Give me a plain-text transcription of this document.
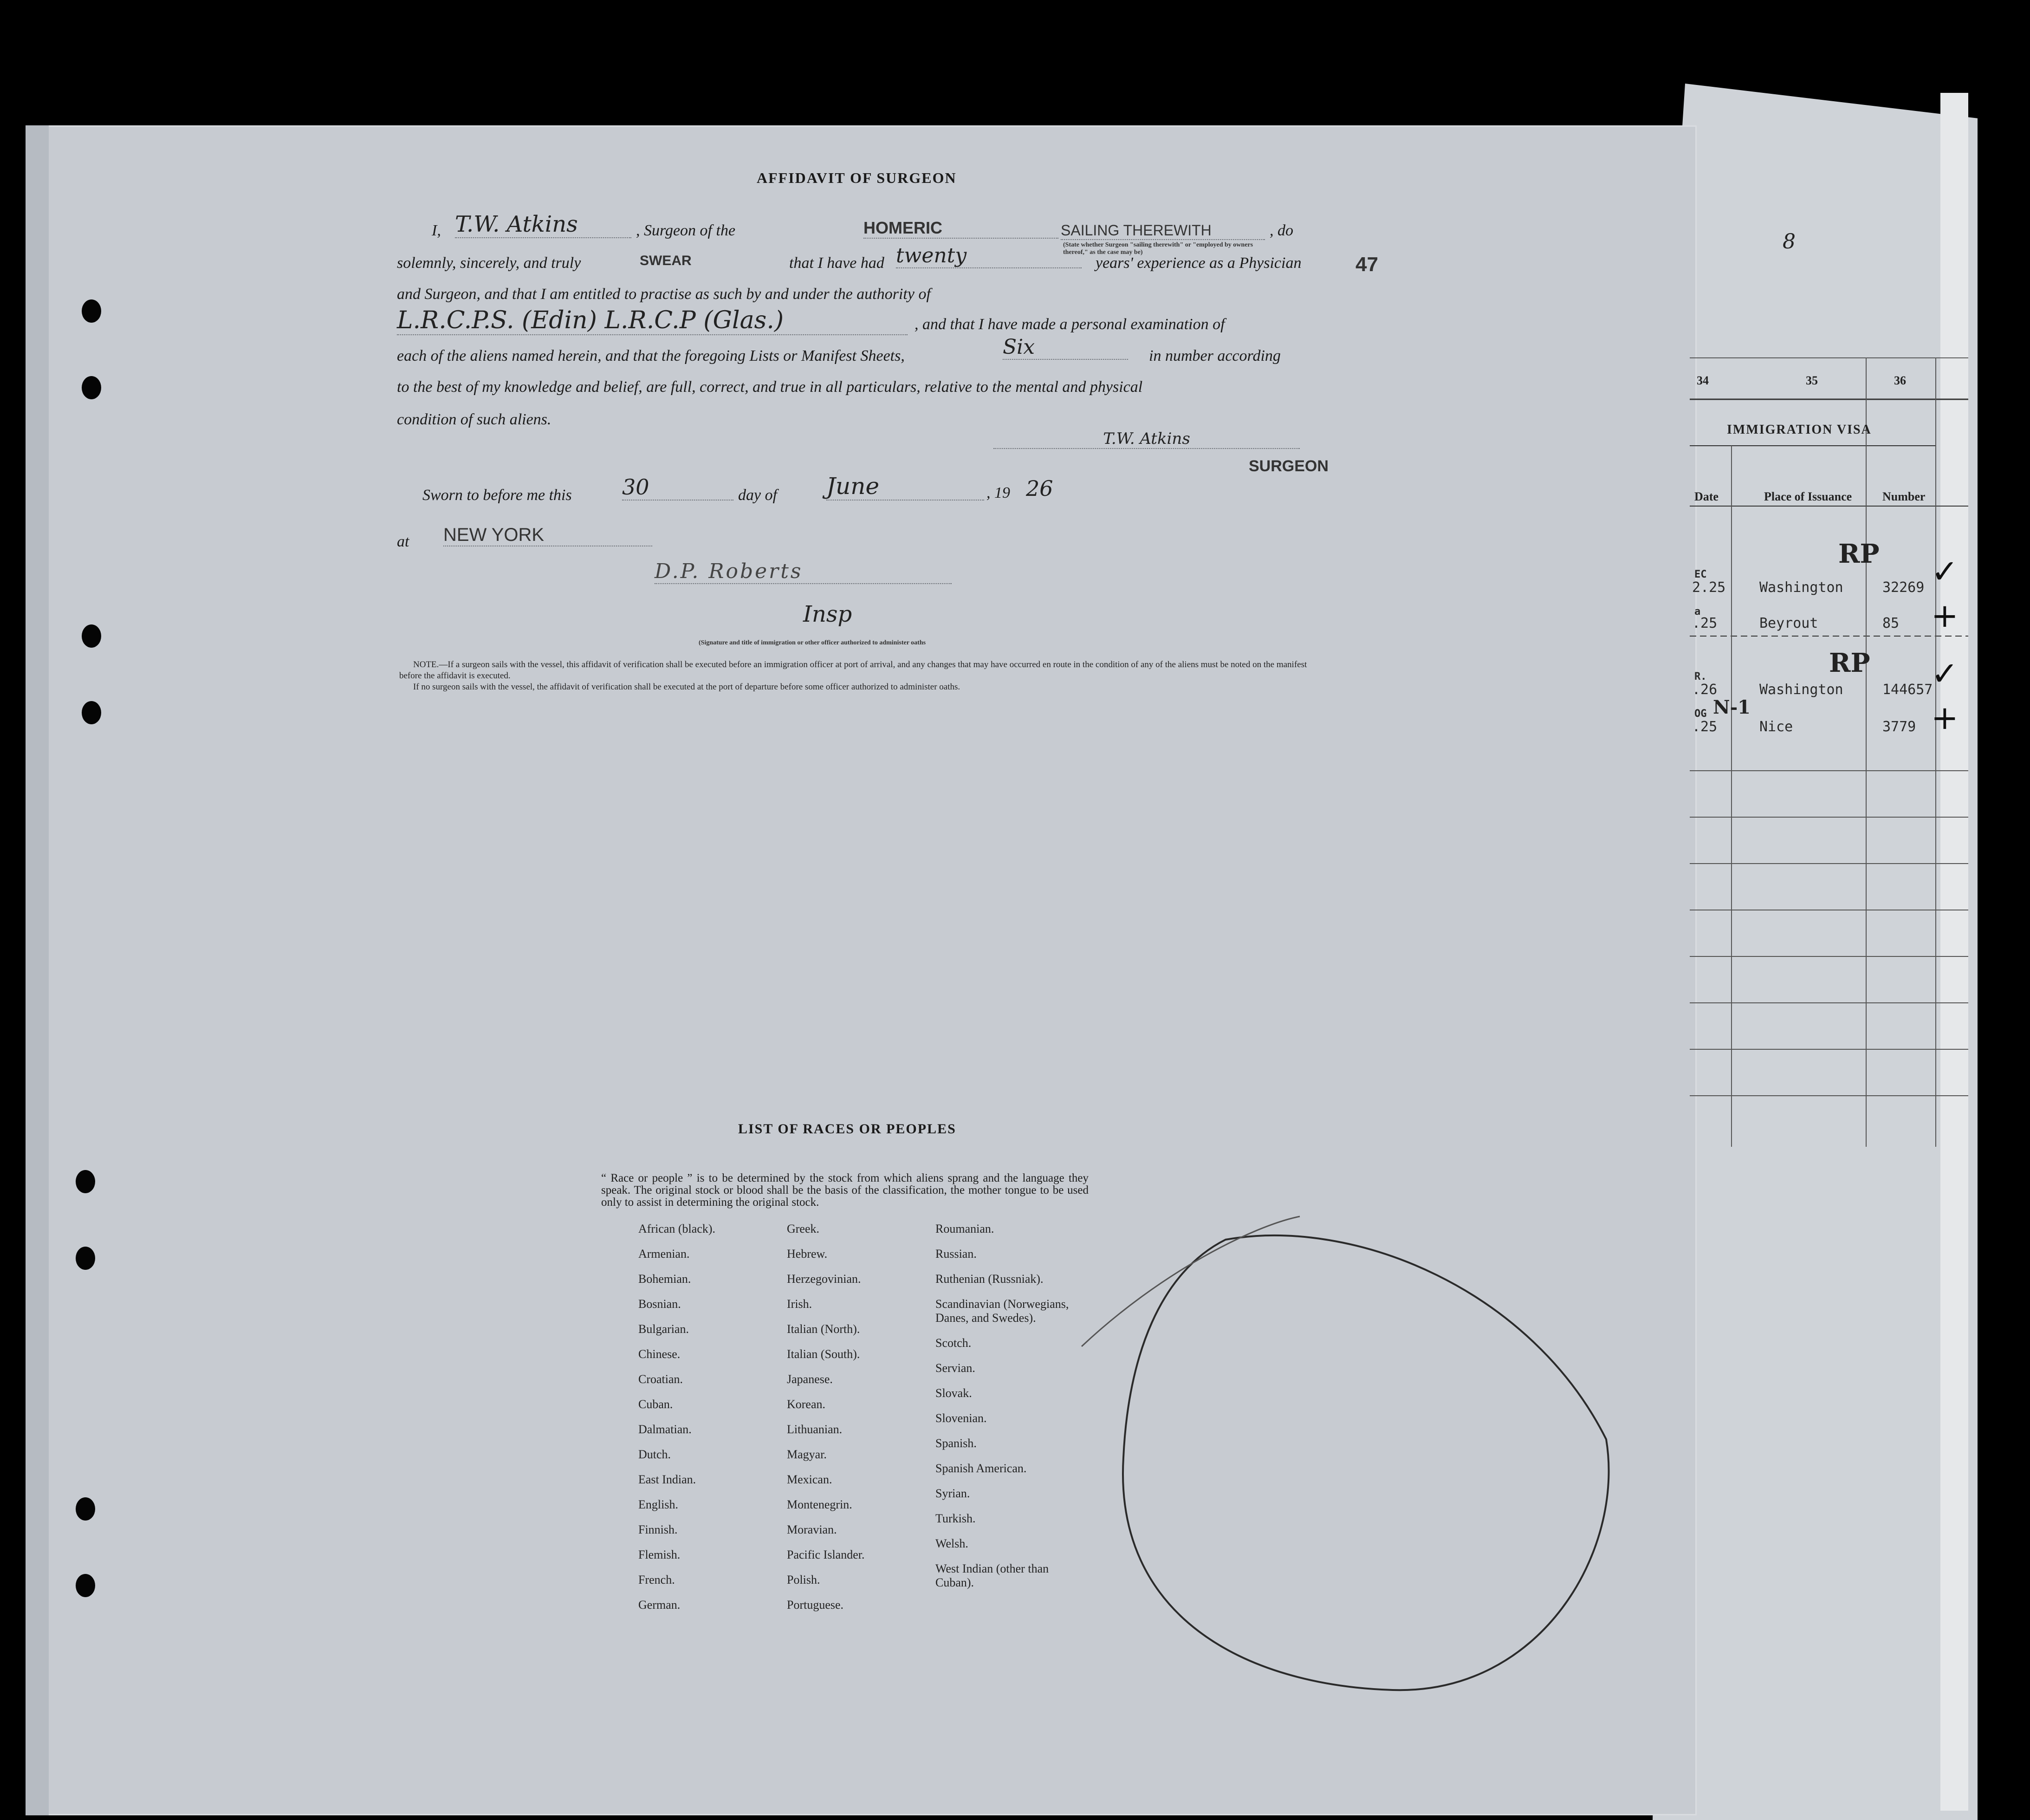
AFFIDAVIT OF SURGEON
I, T.W. Atkins	, Surgeon of the	HOMERIC	SAILING THEREWITH	, do
(State whether Surgeon "sailing therewith" or "employed by owners thereof," as the case may be)
solemnly, sincerely, and truly	SWEAR	that I have had twenty	years' experience as a Physician	47
and Surgeon, and that I am entitled to practise as such by and under the authority of
L.R.C.P.S. (Edin) L.R.C.P (Glas.)	, and that I have made a personal examination of
each of the aliens named herein, and that the foregoing Lists or Manifest Sheets,	Six	in number according
to the best of my knowledge and belief, are full, correct, and true in all particulars, relative to the mental and physical
condition of such aliens.
T.W. Atkins
SURGEON
Sworn to before me this 30	day of June	, 19 26
at NEW YORK
D.P. Roberts
Insp
(Signature and title of immigration or other officer authorized to administer oaths
NOTE.—If a surgeon sails with the vessel, this affidavit of verification shall be executed before an immigration officer at port of arrival, and any changes that may have occurred en route in the condition of any of the aliens must be noted on the manifest before the affidavit is executed.
If no surgeon sails with the vessel, the affidavit of verification shall be executed at the port of departure before some officer authorized to administer oaths.
LIST OF RACES OR PEOPLES
“ Race or people ” is to be determined by the stock from which aliens sprang and the language they speak. The original stock or blood shall be the basis of the classification, the mother tongue to be used only to assist in determining the original stock.
African (black).
Armenian.
Bohemian.
Bosnian.
Bulgarian.
Chinese.
Croatian.
Cuban.
Dalmatian.
Dutch.
East Indian.
English.
Finnish.
Flemish.
French.
German.
Greek.
Hebrew.
Herzegovinian.
Irish.
Italian (North).
Italian (South).
Japanese.
Korean.
Lithuanian.
Magyar.
Mexican.
Montenegrin.
Moravian.
Pacific Islander.
Polish.
Portuguese.
Roumanian.
Russian.
Ruthenian (Russniak).
Scandinavian (Norwegians, Danes, and Swedes).
Scotch.
Servian.
Slovak.
Slovenian.
Spanish.
Spanish American.
Syrian.
Turkish.
Welsh.
West Indian (other than Cuban).
8
34	35	36
IMMIGRATION VISA
Date	Place of Issuance	Number
EC
2.25 Washington	32269
RP ✓
a
.25	Beyrout	85 +
R.
.26	Washington	144657
RP ✓
OG
.25	Nice	3779
N-1	+
